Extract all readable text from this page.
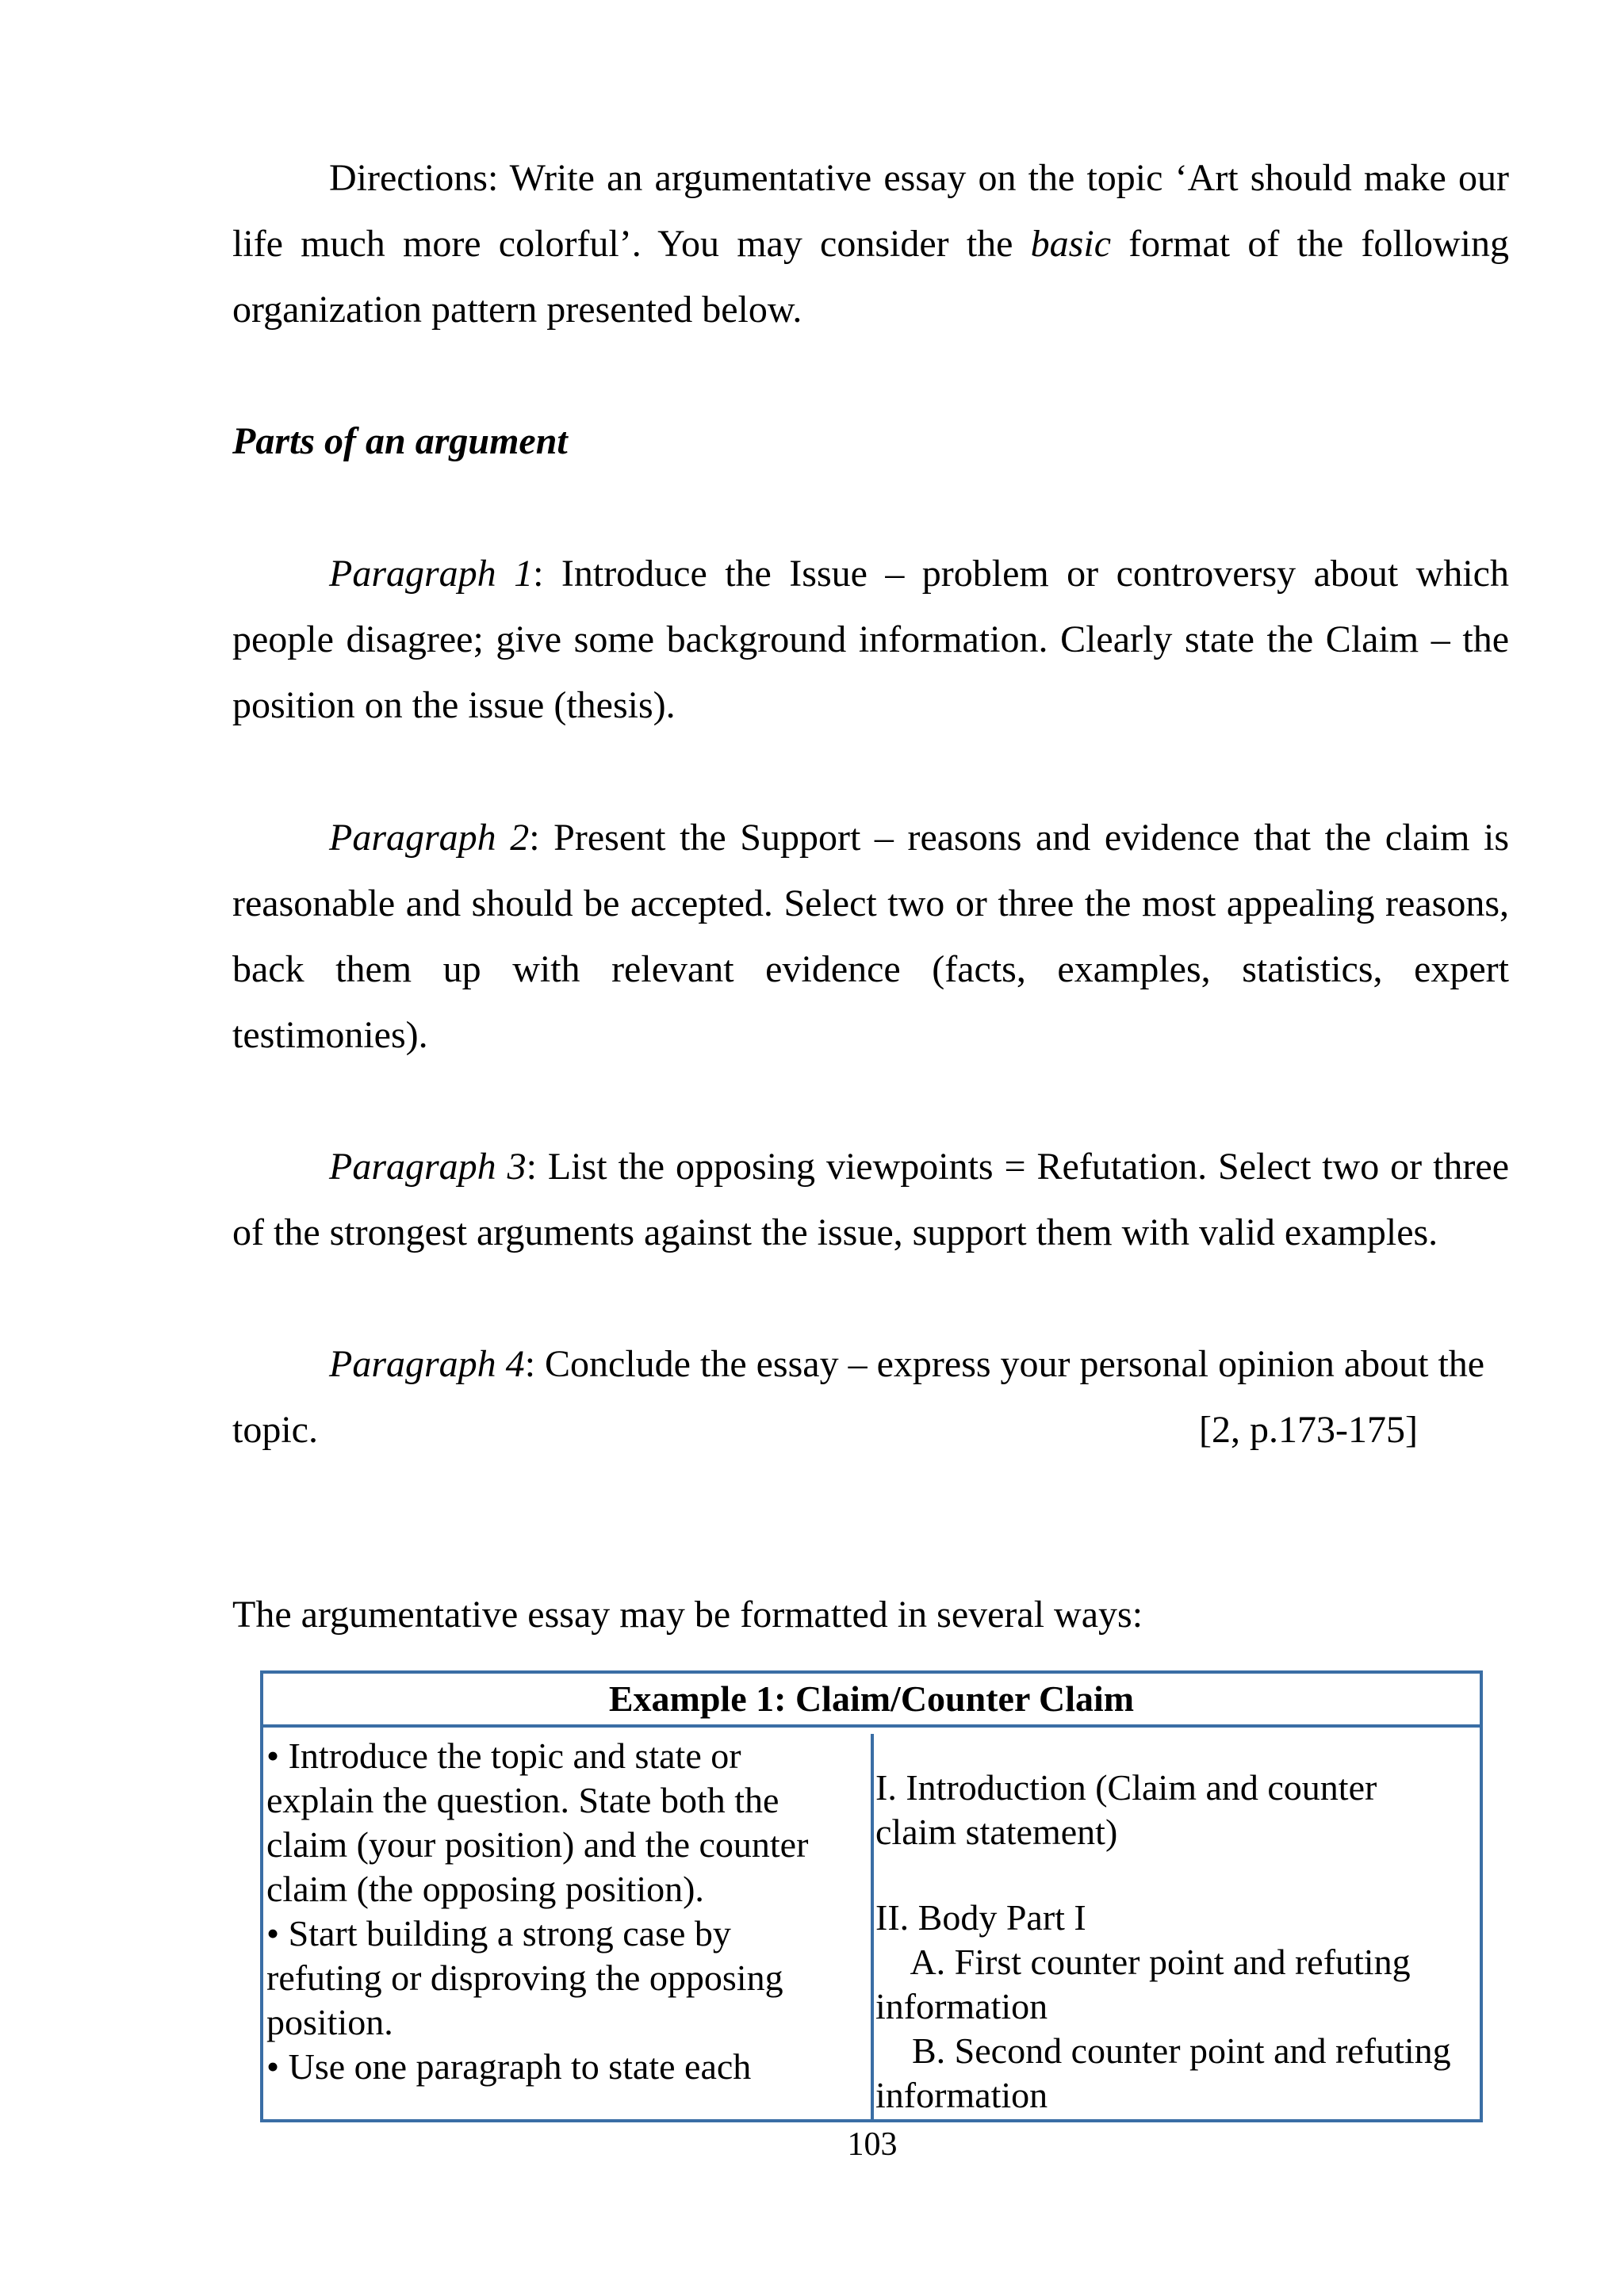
Directions: Write an argumentative essay on the topic ‘Art should make our life much more colorful’. You may consider the basic format of the following organization pattern presented below.

Parts of an argument

Paragraph 1: Introduce the Issue – problem or controversy about which people disagree; give some background information. Clearly state the Claim – the position on the issue (thesis).

Paragraph 2: Present the Support – reasons and evidence that the claim is reasonable and should be accepted. Select two or three the most appealing reasons, back them up with relevant evidence (facts, examples, statistics, expert testimonies).

Paragraph 3: List the opposing viewpoints = Refutation. Select two or three of the strongest arguments against the issue, support them with valid examples.

Paragraph 4: Conclude the essay – express your personal opinion about the topic.	[2, p.173-175]

The argumentative essay may be formatted in several ways:

Example 1: Claim/Counter Claim
• Introduce the topic and state or
explain the question. State both the
claim (your position) and the counter
claim (the opposing position).
• Start building a strong case by
refuting or disproving the opposing
position.
• Use one paragraph to state each
I. Introduction (Claim and counter
claim statement)
II. Body Part I
A. First counter point and refuting
information
B. Second counter point and refuting
information
103
